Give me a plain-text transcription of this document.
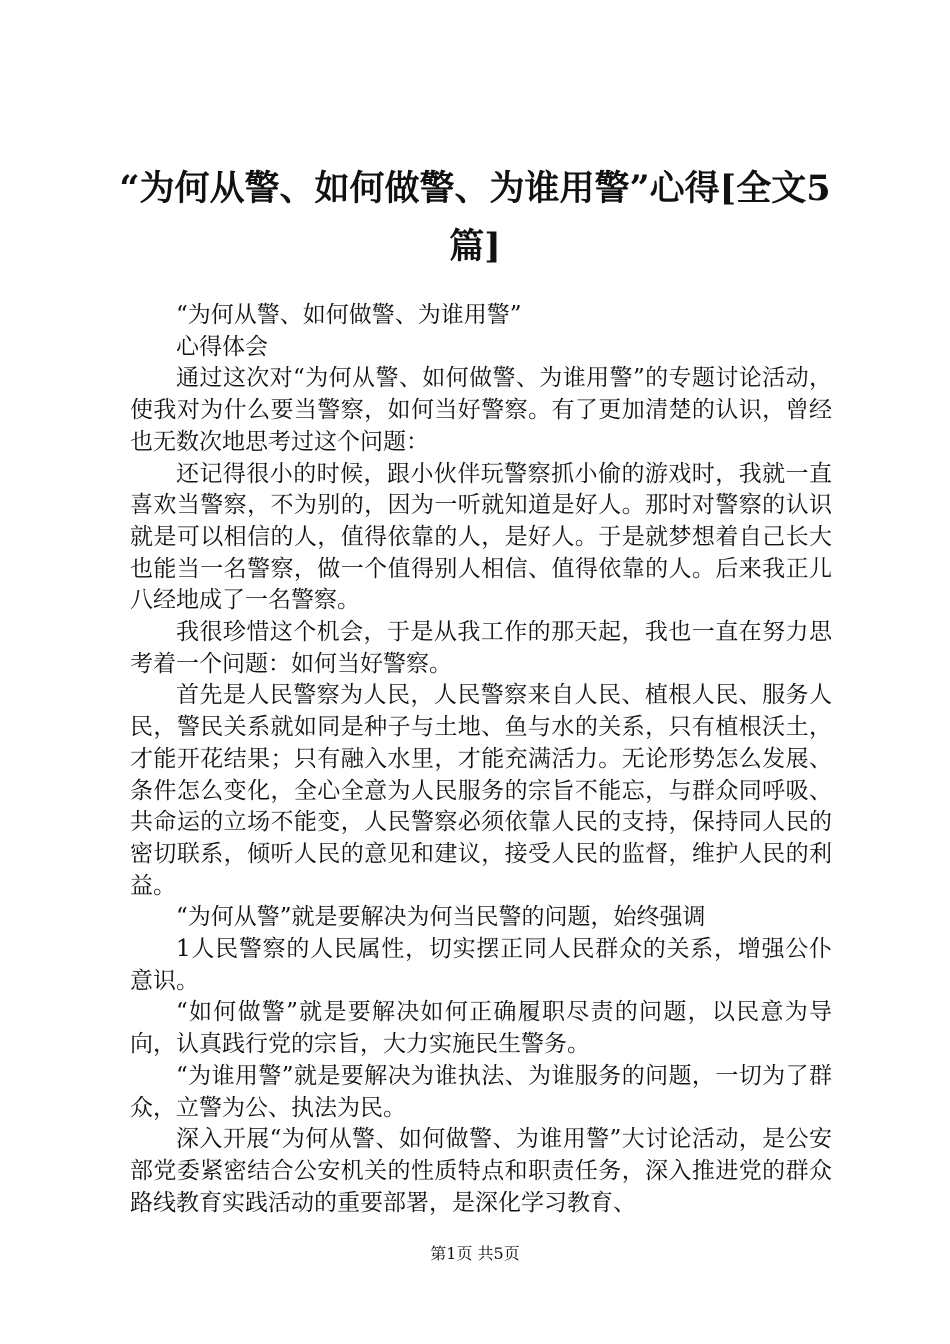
“为何从警、如何做警、为谁用警”心得[全文5篇]

“为何从警、如何做警、为谁用警”

心得体会

通过这次对“为何从警、如何做警、为谁用警”的专题讨论活动，使我对为什么要当警察，如何当好警察。有了更加清楚的认识，曾经也无数次地思考过这个问题：

还记得很小的时候，跟小伙伴玩警察抓小偷的游戏时，我就一直喜欢当警察，不为别的，因为一听就知道是好人。那时对警察的认识就是可以相信的人，值得依靠的人，是好人。于是就梦想着自己长大也能当一名警察，做一个值得别人相信、值得依靠的人。后来我正儿八经地成了一名警察。

我很珍惜这个机会，于是从我工作的那天起，我也一直在努力思考着一个问题：如何当好警察。

首先是人民警察为人民，人民警察来自人民、植根人民、服务人民，警民关系就如同是种子与土地、鱼与水的关系，只有植根沃土，才能开花结果；只有融入水里，才能充满活力。无论形势怎么发展、条件怎么变化，全心全意为人民服务的宗旨不能忘，与群众同呼吸、共命运的立场不能变，人民警察必须依靠人民的支持，保持同人民的密切联系，倾听人民的意见和建议，接受人民的监督，维护人民的利益。

“为何从警”就是要解决为何当民警的问题，始终强调

1人民警察的人民属性，切实摆正同人民群众的关系，增强公仆意识。

“如何做警”就是要解决如何正确履职尽责的问题，以民意为导向，认真践行党的宗旨，大力实施民生警务。

“为谁用警”就是要解决为谁执法、为谁服务的问题，一切为了群众，立警为公、执法为民。

深入开展“为何从警、如何做警、为谁用警”大讨论活动，是公安部党委紧密结合公安机关的性质特点和职责任务，深入推进党的群众路线教育实践活动的重要部署，是深化学习教育、

第1页 共5页
